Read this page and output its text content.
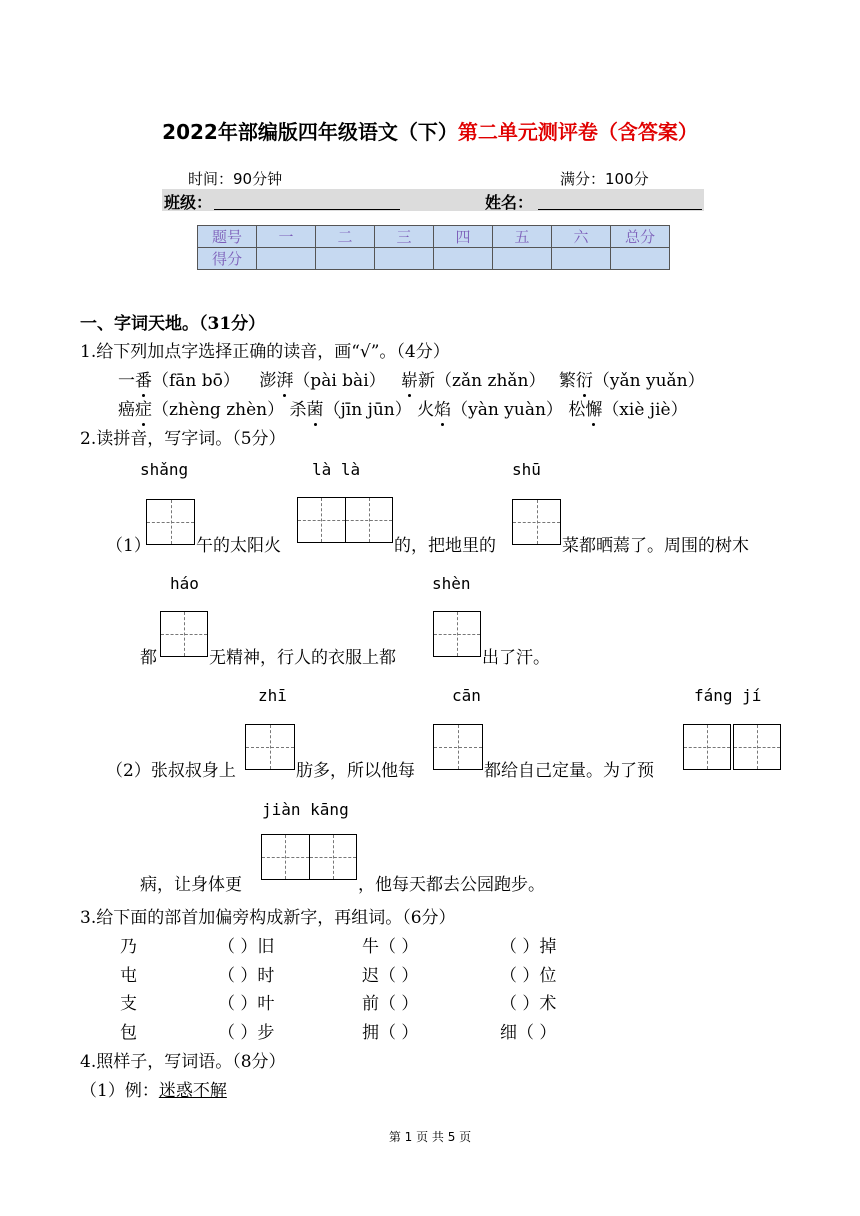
2022年部编版四年级语文（下）第二单元测评卷（含答案）
时间：90分钟	满分：100分
班级：	姓名：
题号	一	二	三	四	五	六	总分
得分							
一、字词天地。（31分）
1.给下列加点字选择正确的读音，画“√”。（4分）
一番（fān bō） 澎湃（pài bài） 崭新（zǎn zhǎn） 繁衍（yǎn yuǎn）
癌症（zhèng zhèn） 杀菌（jīn jūn） 火焰（yàn yuàn） 松懈（xiè jiè）
2.读拼音，写字词。（5分）
shǎng	là là	shū
（1）	午的太阳火	的，把地里的	菜都晒蔫了。周围的树木
háo	shèn
都	无精神，行人的衣服上都	出了汗。
zhī	cān	fáng jí
（2）张叔叔身上	肪多，所以他每	都给自己定量。为了预
jiàn kāng
病，让身体更	，他每天都去公园跑步。
3.给下面的部首加偏旁构成新字，再组词。（6分）
乃	（ ）旧	牛（ ）	（ ）掉
屯	（ ）时	迟（ ）	（ ）位
支	（ ）叶	前（ ）	（ ）术
包	（ ）步	拥（ ）	细（ ）
4.照样子，写词语。（8分）
（1）例：迷惑不解
第 1 页 共 5 页
